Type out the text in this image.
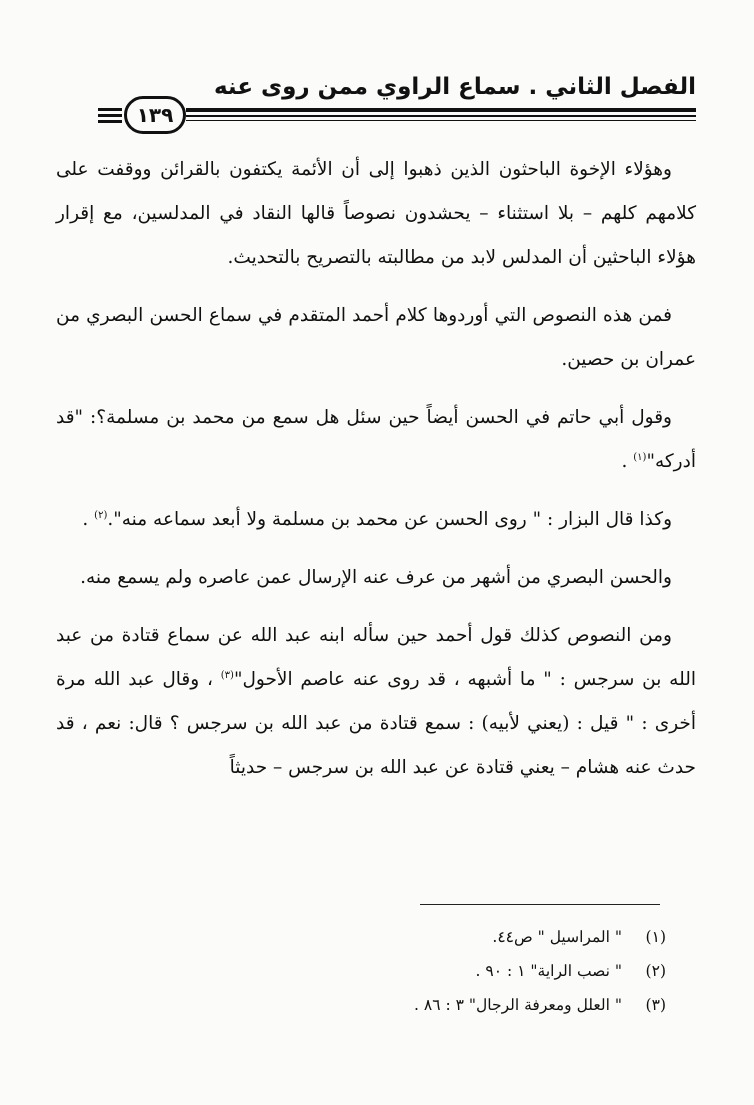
الفصل الثاني . سماع الراوي ممن روى عنه
١٣٩

وهؤلاء الإخوة الباحثون الذين ذهبوا إلى أن الأئمة يكتفون بالقرائن ووقفت على كلامهم كلهم – بلا استثناء – يحشدون نصوصاً قالها النقاد في المدلسين، مع إقرار هؤلاء الباحثين أن المدلس لابد من مطالبته بالتصريح بالتحديث.

فمن هذه النصوص التي أوردوها كلام أحمد المتقدم في سماع الحسن البصري من عمران بن حصين.

وقول أبي حاتم في الحسن أيضاً حين سئل هل سمع من محمد بن مسلمة؟: "قد أدركه"$^{(١)}$ .

وكذا قال البزار : " روى الحسن عن محمد بن مسلمة ولا أبعد سماعه منه".$^{(٢)}$ .

والحسن البصري من أشهر من عرف عنه الإرسال عمن عاصره ولم يسمع منه.

ومن النصوص كذلك قول أحمد حين سأله ابنه عبد الله عن سماع قتادة من عبد الله بن سرجس : " ما أشبهه ، قد روى عنه عاصم الأحول"$^{(٣)}$ ، وقال عبد الله مرة أخرى : " قيل : (يعني لأبيه) : سمع قتادة من عبد الله بن سرجس ؟ قال: نعم ، قد حدث عنه هشام – يعني قتادة عن عبد الله بن سرجس – حديثاً

(١)
" المراسيل " ص٤٤.
(٢)
" نصب الراية" ١ : ٩٠ .
(٣)
" العلل ومعرفة الرجال" ٣ : ٨٦ .
